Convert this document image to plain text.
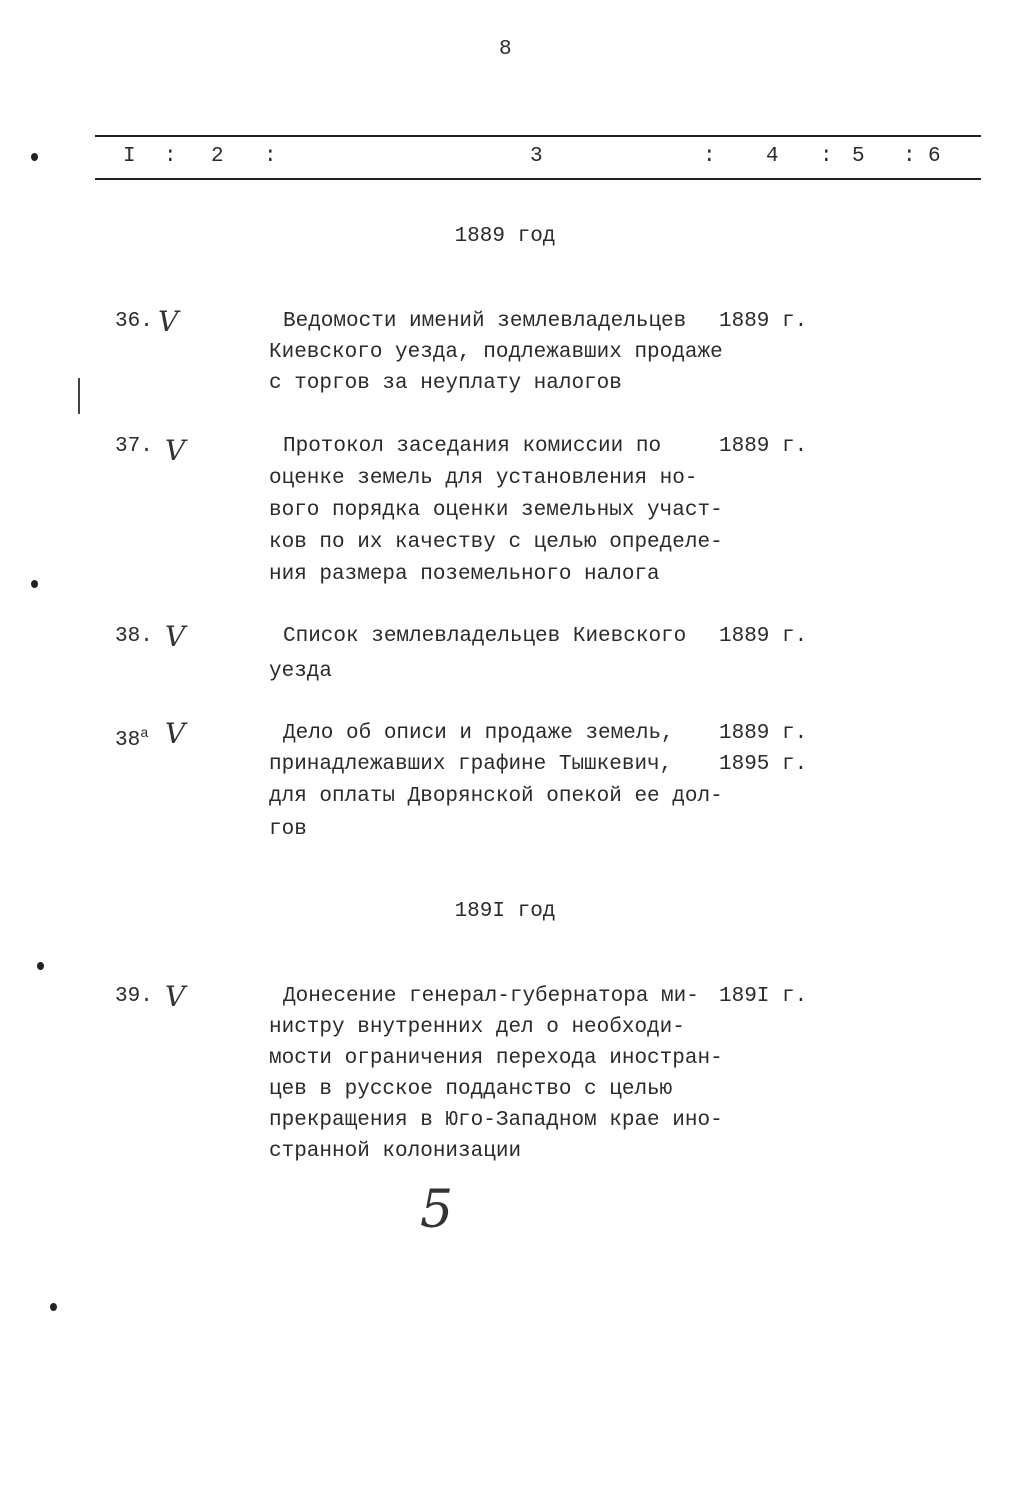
8
I : 2 :	3	: 4 : 5 : 6
1889 год
36. V	Ведомости имений землевладельцев
Киевского уезда, подлежавших продаже
с торгов за неуплату налогов
1889 г.
37. V	Протокол заседания комиссии по
оценке земель для установления но-
вого порядка оценки земельных участ-
ков по их качеству с целью определе-
ния размера поземельного налога
1889 г.
38. V	Список землевладельцев Киевского
уезда
1889 г.
$38^а$ V	Дело об описи и продаже земель,
принадлежавших графине Тышкевич,
для оплаты Дворянской опекой ее дол-
гов
1889 г.
1895 г.
189I год
39. V	Донесение генерал-губернатора ми-
нистру внутренних дел о необходи-
мости ограничения перехода иностран-
цев в русское подданство с целью
прекращения в Юго-Западном крае ино-
странной колонизации
189I г.
5
